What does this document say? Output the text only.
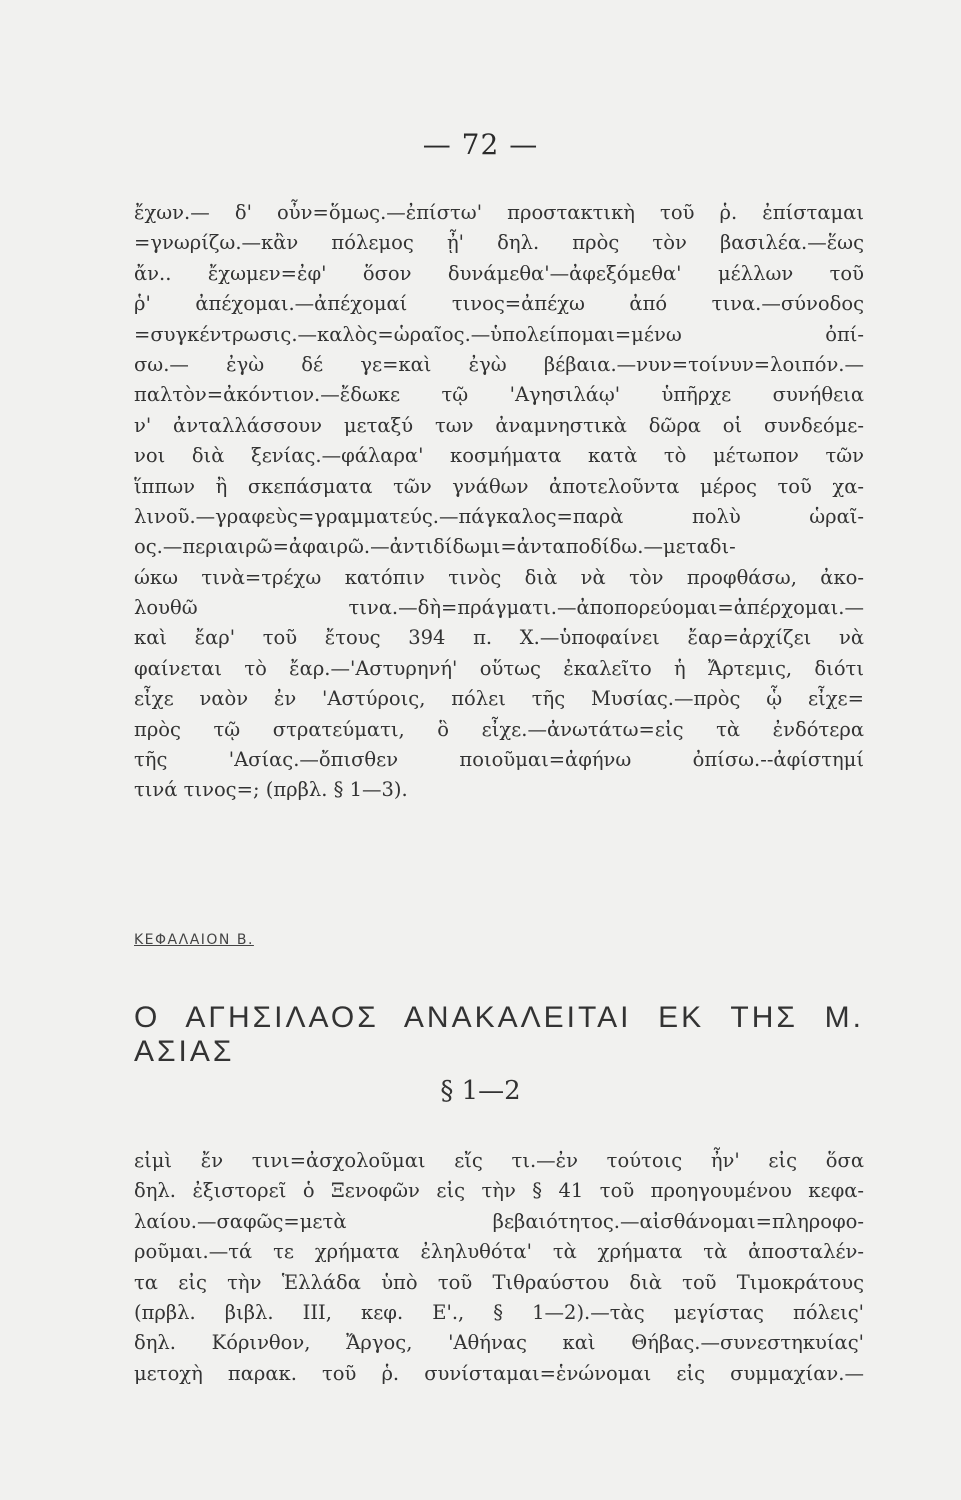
— 72 —
ἔχων.— δ' οὖν=ὅμως.—ἐπίστω' προστακτικὴ τοῦ ῥ. ἐπίσταμαι
=γνωρίζω.—κἂν πόλεμος ᾖ' δηλ. πρὸς τὸν βασιλέα.—ἕως
ἄν.. ἔχωμεν=ἐφ' ὅσον δυνάμεθα'—ἀφεξόμεθα' μέλλων τοῦ
ῥ' ἀπέχομαι.—ἀπέχομαί τινος=ἀπέχω ἀπό τινα.—σύνοδος
=συγκέντρωσις.—καλὸς=ὡραῖος.—ὑπολείπομαι=μένω ὀπί-
σω.— ἐγὼ δέ γε=καὶ ἐγὼ βέβαια.—νυν=τοίνυν=λοιπόν.—
παλτὸν=ἀκόντιον.—ἔδωκε τῷ 'Αγησιλάῳ' ὑπῆρχε συνήθεια
ν' ἀνταλλάσσουν μεταξύ των ἀναμνηστικὰ δῶρα οἱ συνδεόμε-
νοι διὰ ξενίας.—φάλαρα' κοσμήματα κατὰ τὸ μέτωπον τῶν
ἵππων ἢ σκεπάσματα τῶν γνάθων ἀποτελοῦντα μέρος τοῦ χα-
λινοῦ.—γραφεὺς=γραμματεύς.—πάγκαλος=παρὰ πολὺ ὡραῖ-
ος.—περιαιρῶ=ἀφαιρῶ.—ἀντιδίδωμι=ἀνταποδίδω.—μεταδι-
ώκω τινὰ=τρέχω κατόπιν τινὸς διὰ νὰ τὸν προφθάσω, ἀκο-
λουθῶ τινα.—δὴ=πράγματι.—ἀποπορεύομαι=ἀπέρχομαι.—
καὶ ἔαρ' τοῦ ἔτους 394 π. Χ.—ὑποφαίνει ἔαρ=ἀρχίζει νὰ
φαίνεται τὸ ἔαρ.—'Αστυρηνή' οὕτως ἐκαλεῖτο ἡ Ἄρτεμις, διότι
εἶχε ναὸν ἐν 'Αστύροις, πόλει τῆς Μυσίας.—πρὸς ᾧ εἶχε=
πρὸς τῷ στρατεύματι, ὃ εἶχε.—ἀνωτάτω=εἰς τὰ ἐνδότερα
τῆς 'Ασίας.—ὄπισθεν ποιοῦμαι=ἀφήνω ὀπίσω.--ἀφίστημί
τινά τινος=; (πρβλ. § 1—3).
ΚΕΦΑΛΑΙΟΝ Β.
Ο ΑΓΗΣΙΛΑΟΣ ΑΝΑΚΑΛΕΙΤΑΙ ΕΚ ΤΗΣ Μ. ΑΣΙΑΣ
§ 1—2
εἰμὶ ἔν τινι=ἀσχολοῦμαι εἴς τι.—ἐν τούτοις ἦν' εἰς ὅσα
δηλ. ἐξιστορεῖ ὁ Ξενοφῶν εἰς τὴν § 41 τοῦ προηγουμένου κεφα-
λαίου.—σαφῶς=μετὰ βεβαιότητος.—αἰσθάνομαι=πληροφο-
ροῦμαι.—τά τε χρήματα ἐληλυθότα' τὰ χρήματα τὰ ἀποσταλέν-
τα εἰς τὴν Ἑλλάδα ὑπὸ τοῦ Τιθραύστου διὰ τοῦ Τιμοκράτους
(πρβλ. βιβλ. III, κεφ. Ε'., § 1—2).—τὰς μεγίστας πόλεις'
δηλ. Κόρινθον, Ἄργος, 'Αθήνας καὶ Θήβας.—συνεστηκυίας'
μετοχὴ παρακ. τοῦ ῥ. συνίσταμαι=ἑνώνομαι εἰς συμμαχίαν.—
